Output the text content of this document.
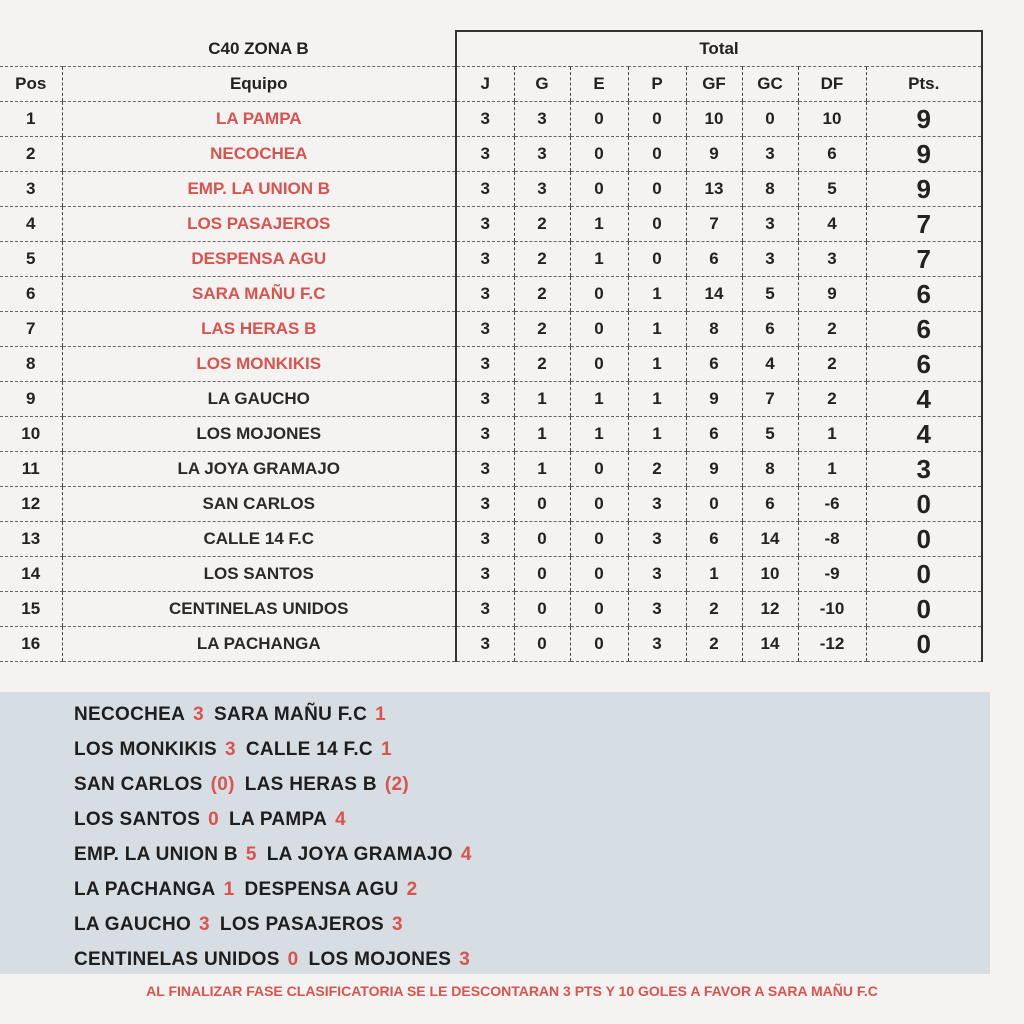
	C40 ZONA B	Total							
Pos	Equipo	J	G	E	P	GF	GC	DF	Pts.
1	LA PAMPA	3	3	0	0	10	0	10	9
2	NECOCHEA	3	3	0	0	9	3	6	9
3	EMP. LA UNION B	3	3	0	0	13	8	5	9
4	LOS PASAJEROS	3	2	1	0	7	3	4	7
5	DESPENSA AGU	3	2	1	0	6	3	3	7
6	SARA MAÑU F.C	3	2	0	1	14	5	9	6
7	LAS HERAS B	3	2	0	1	8	6	2	6
8	LOS MONKIKIS	3	2	0	1	6	4	2	6
9	LA GAUCHO	3	1	1	1	9	7	2	4
10	LOS MOJONES	3	1	1	1	6	5	1	4
11	LA JOYA GRAMAJO	3	1	0	2	9	8	1	3
12	SAN CARLOS	3	0	0	3	0	6	-6	0
13	CALLE 14 F.C	3	0	0	3	6	14	-8	0
14	LOS SANTOS	3	0	0	3	1	10	-9	0
15	CENTINELAS UNIDOS	3	0	0	3	2	12	-10	0
16	LA PACHANGA	3	0	0	3	2	14	-12	0
NECOCHEA 3 SARA MAÑU F.C 1
LOS MONKIKIS 3 CALLE 14 F.C 1
SAN CARLOS (0) LAS HERAS B (2)
LOS SANTOS 0 LA PAMPA 4
EMP. LA UNION B 5 LA JOYA GRAMAJO 4
LA PACHANGA 1 DESPENSA AGU 2
LA GAUCHO 3 LOS PASAJEROS 3
CENTINELAS UNIDOS 0 LOS MOJONES 3
AL FINALIZAR FASE CLASIFICATORIA SE LE DESCONTARAN 3 PTS Y 10 GOLES A FAVOR A SARA MAÑU F.C
